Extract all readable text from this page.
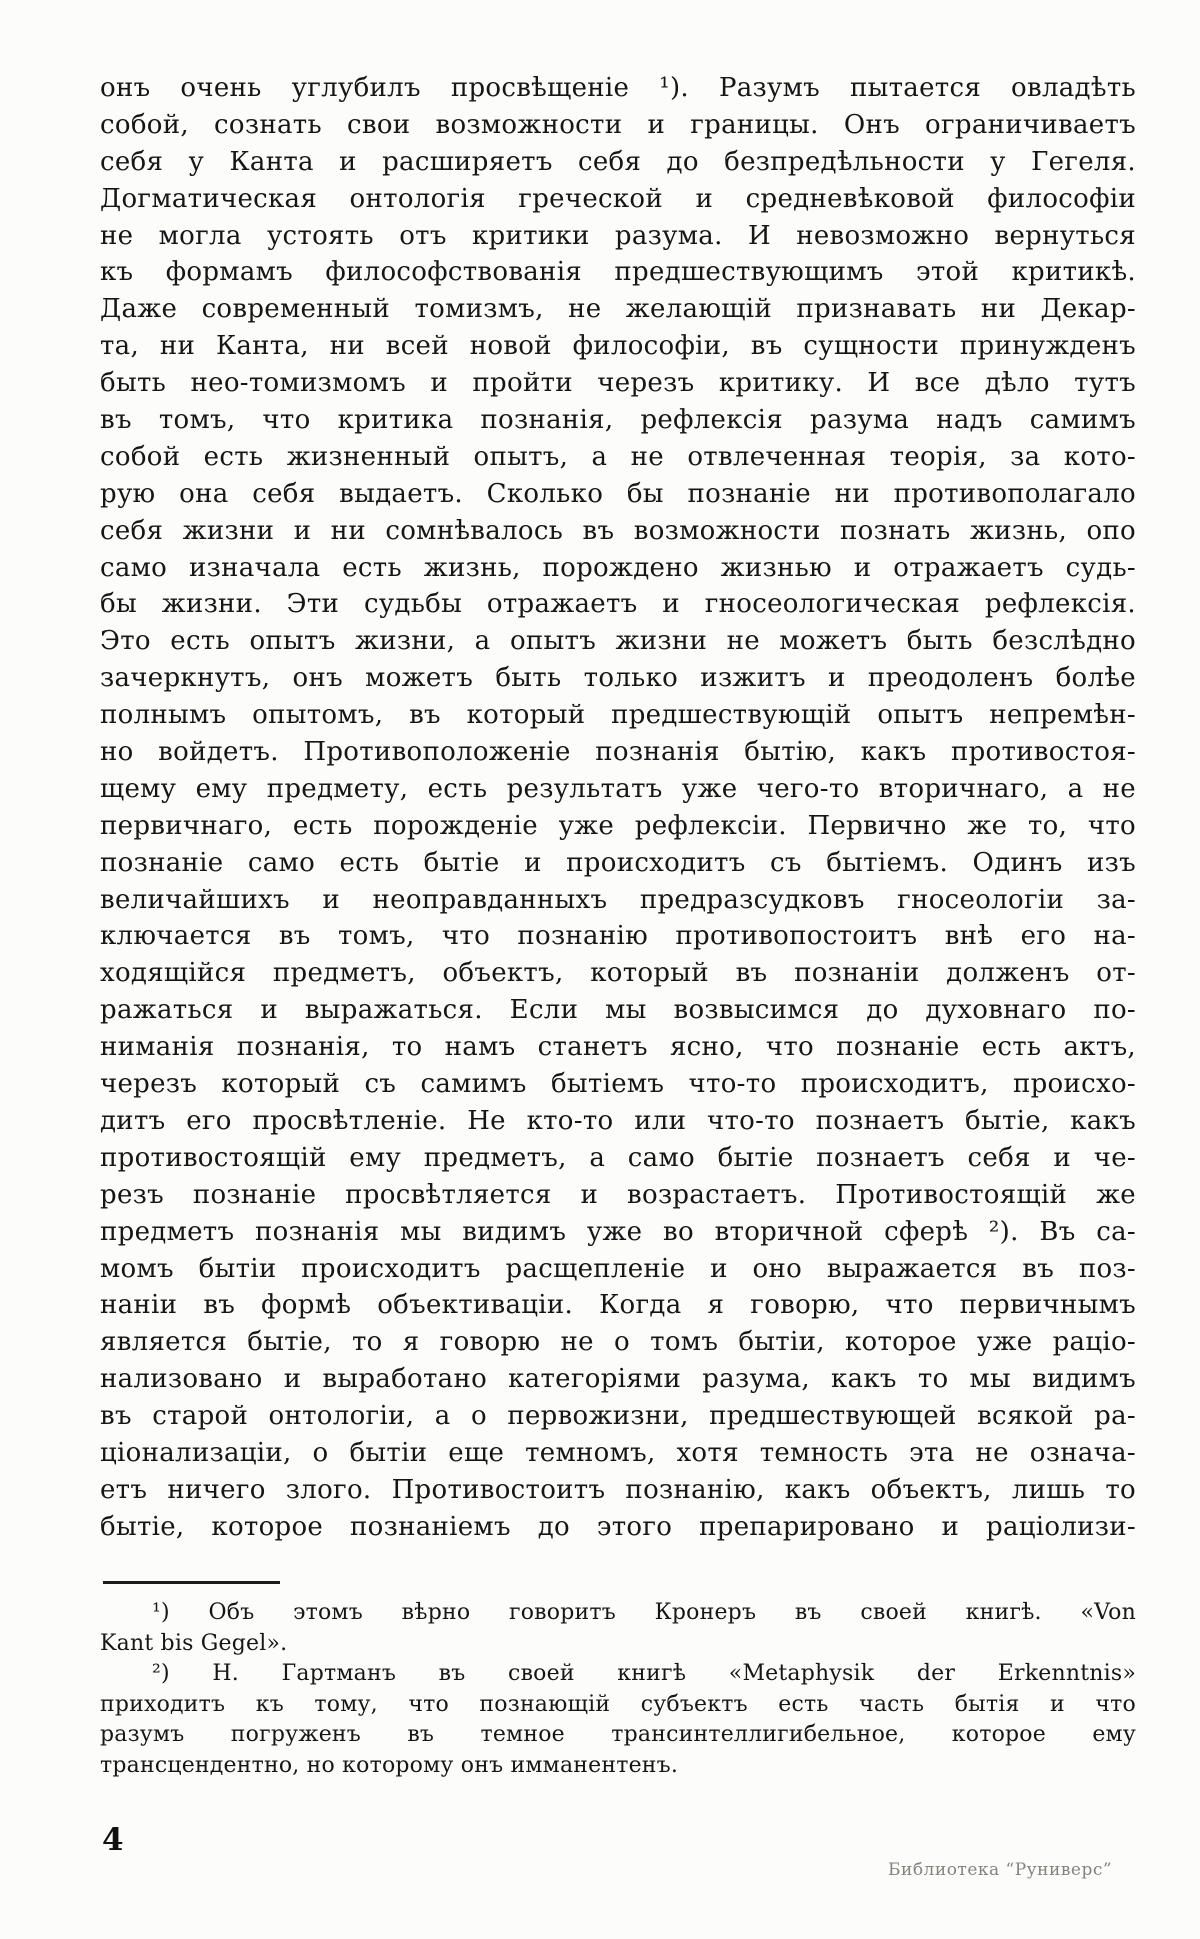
онъ очень углубилъ просвѣщеніе ¹). Разумъ пытается овладѣть
собой, сознать свои возможности и границы. Онъ ограничиваетъ
себя у Канта и расширяетъ себя до безпредѣльности у Гегеля.
Догматическая онтологія греческой и средневѣковой философіи
не могла устоять отъ критики разума. И невозможно вернуться
къ формамъ философствованія предшествующимъ этой критикѣ.
Даже современный томизмъ, не желающій признавать ни Декар-
та, ни Канта, ни всей новой философіи, въ сущности принужденъ
быть нео-томизмомъ и пройти черезъ критику. И все дѣло тутъ
въ томъ, что критика познанія, рефлексія разума надъ самимъ
собой есть жизненный опытъ, а не отвлеченная теорія, за кото-
рую она себя выдаетъ. Сколько бы познаніе ни противополагало
себя жизни и ни сомнѣвалось въ возможности познать жизнь, опо
само изначала есть жизнь, порождено жизнью и отражаетъ судь-
бы жизни. Эти судьбы отражаетъ и гносеологическая рефлексія.
Это есть опытъ жизни, а опытъ жизни не можетъ быть безслѣдно
зачеркнутъ, онъ можетъ быть только изжитъ и преодоленъ болѣе
полнымъ опытомъ, въ который предшествующій опытъ непремѣн-
но войдетъ. Противоположеніе познанія бытію, какъ противостоя-
щему ему предмету, есть результатъ уже чего-то вторичнаго, а не
первичнаго, есть порожденіе уже рефлексіи. Первично же то, что
познаніе само есть бытіе и происходитъ съ бытіемъ. Одинъ изъ
величайшихъ и неоправданныхъ предразсудковъ гносеологіи за-
ключается въ томъ, что познанію противопостоитъ внѣ его на-
ходящійся предметъ, объектъ, который въ познаніи долженъ от-
ражаться и выражаться. Если мы возвысимся до духовнаго по-
ниманія познанія, то намъ станетъ ясно, что познаніе есть актъ,
черезъ который съ самимъ бытіемъ что-то происходитъ, происхо-
дитъ его просвѣтленіе. Не кто-то или что-то познаетъ бытіе, какъ
противостоящій ему предметъ, а само бытіе познаетъ себя и че-
резъ познаніе просвѣтляется и возрастаетъ. Противостоящій же
предметъ познанія мы видимъ уже во вторичной сферѣ ²). Въ са-
момъ бытіи происходитъ расщепленіе и оно выражается въ поз-
наніи въ формѣ объективаціи. Когда я говорю, что первичнымъ
является бытіе, то я говорю не о томъ бытіи, которое уже раціо-
нализовано и выработано категоріями разума, какъ то мы видимъ
въ старой онтологіи, а о первожизни, предшествующей всякой ра-
ціонализаціи, о бытіи еще темномъ, хотя темность эта не означа-
етъ ничего злого. Противостоитъ познанію, какъ объектъ, лишь то
бытіе, которое познаніемъ до этого препарировано и раціолизи-
¹) Объ этомъ вѣрно говоритъ Кронеръ въ своей книгѣ. «Von
Kant bis Gegel».
²) Н. Гартманъ въ своей книгѣ «Metaphysik der Erkenntnis»
приходитъ къ тому, что познающій субъектъ есть часть бытія и что
разумъ погруженъ въ темное трансинтеллигибельное, которое ему
трансцендентно, но которому онъ имманентенъ.
4
Библиотека “Руниверс”
